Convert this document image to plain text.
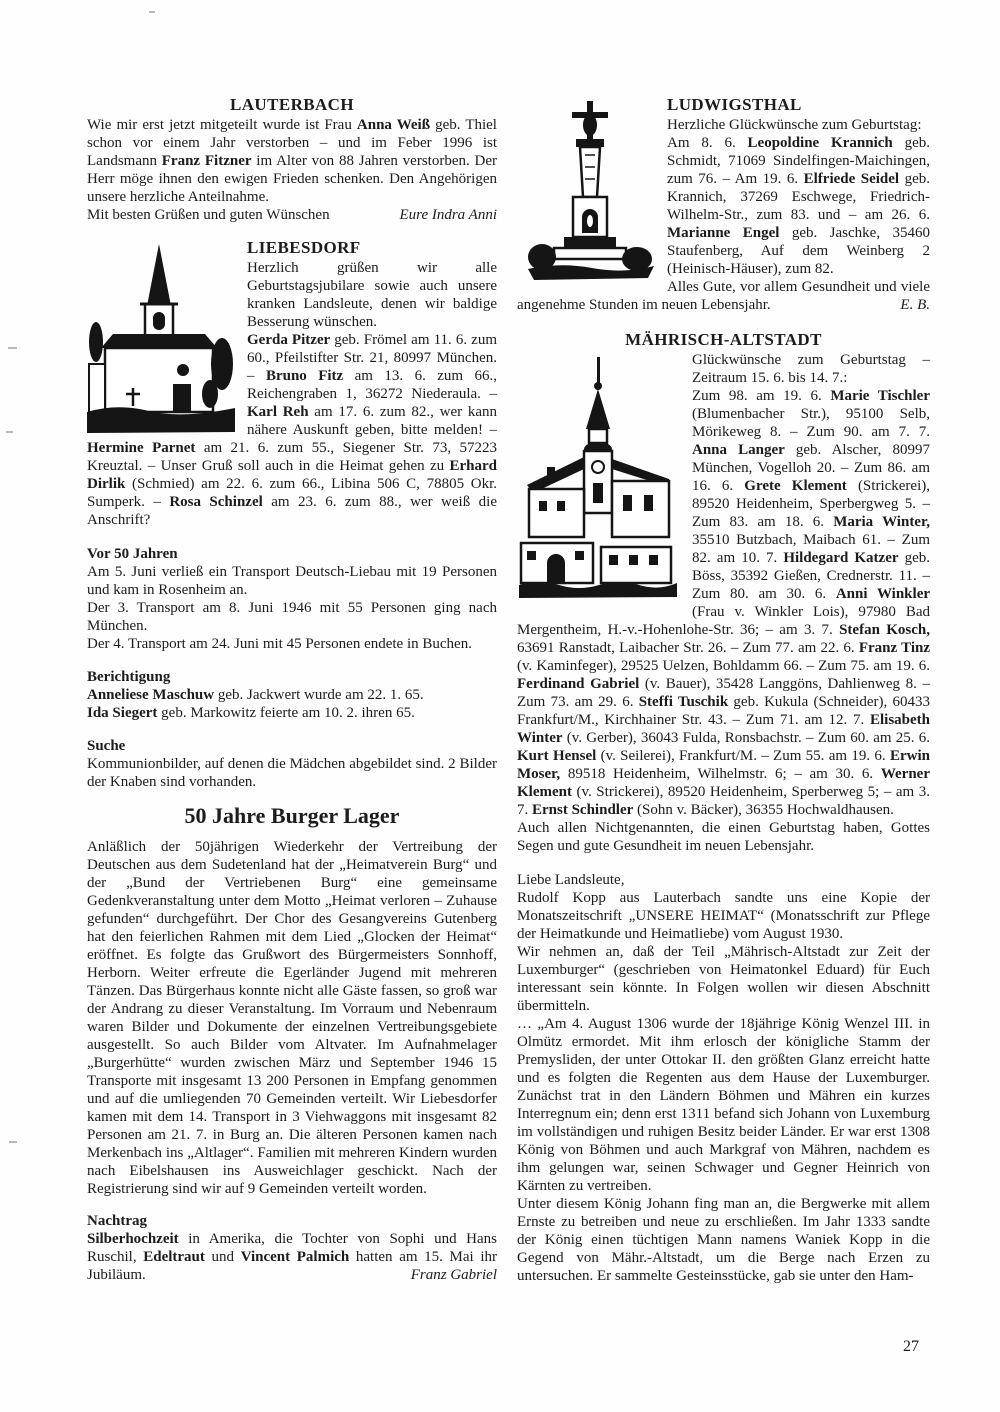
LAUTERBACH

Wie mir erst jetzt mitgeteilt wurde ist Frau Anna Weiß geb. Thiel schon vor einem Jahr verstorben – und im Feber 1996 ist Landsmann Franz Fitzner im Alter von 88 Jahren verstorben. Der Herr möge ihnen den ewigen Frieden schenken. Den Angehörigen unsere herzliche Anteilnahme.

Mit besten Grüßen und guten Wünschen	Eure Indra Anni
LIEBESDORF

Herzlich grüßen wir alle Geburtstagsjubilare sowie auch unsere kranken Landsleute, denen wir baldige Besserung wünschen.

Gerda Pitzer geb. Frömel am 11. 6. zum 60., Pfeilstifter Str. 21, 80997 München. – Bruno Fitz am 13. 6. zum 66., Reichengraben 1, 36272 Niederaula. – Karl Reh am 17. 6. zum 82., wer kann nähere Auskunft geben, bitte melden! – Hermine Parnet am 21. 6. zum 55., Siegener Str. 73, 57223 Kreuztal. – Unser Gruß soll auch in die Heimat gehen zu Erhard Dirlik (Schmied) am 22. 6. zum 66., Libina 506 C, 78805 Okr. Sumperk. – Rosa Schinzel am 23. 6. zum 88., wer weiß die Anschrift?

Vor 50 Jahren

Am 5. Juni verließ ein Transport Deutsch-Liebau mit 19 Personen und kam in Rosenheim an.

Der 3. Transport am 8. Juni 1946 mit 55 Personen ging nach München.

Der 4. Transport am 24. Juni mit 45 Personen endete in Buchen.

Berichtigung

Anneliese Maschuw geb. Jackwert wurde am 22. 1. 65.

Ida Siegert geb. Markowitz feierte am 10. 2. ihren 65.

Suche

Kommunionbilder, auf denen die Mädchen abgebildet sind. 2 Bilder der Knaben sind vorhanden.

50 Jahre Burger Lager

Anläßlich der 50jährigen Wiederkehr der Vertreibung der Deutschen aus dem Sudetenland hat der „Heimatverein Burg“ und der „Bund der Vertriebenen Burg“ eine gemeinsame Gedenkveranstaltung unter dem Motto „Heimat verloren – Zuhause gefunden“ durchgeführt. Der Chor des Gesangvereins Gutenberg hat den feierlichen Rahmen mit dem Lied „Glocken der Heimat“ eröffnet. Es folgte das Grußwort des Bürgermeisters Sonnhoff, Herborn. Weiter erfreute die Egerländer Jugend mit mehreren Tänzen. Das Bürgerhaus konnte nicht alle Gäste fassen, so groß war der Andrang zu dieser Veranstaltung. Im Vorraum und Nebenraum waren Bilder und Dokumente der einzelnen Vertreibungsgebiete ausgestellt. So auch Bilder vom Altvater. Im Aufnahmelager „Burgerhütte“ wurden zwischen März und September 1946 15 Transporte mit insgesamt 13 200 Personen in Empfang genommen und auf die umliegenden 70 Gemeinden verteilt. Wir Liebesdorfer kamen mit dem 14. Transport in 3 Viehwaggons mit insgesamt 82 Personen am 21. 7. in Burg an. Die älteren Personen kamen nach Merkenbach ins „Altlager“. Familien mit mehreren Kindern wurden nach Eibelshausen ins Ausweichlager geschickt. Nach der Registrierung sind wir auf 9 Gemeinden verteilt worden.

Nachtrag

Silberhochzeit in Amerika, die Tochter von Sophi und Hans Ruschil, Edeltraut und Vincent Palmich hatten am 15. Mai ihr Jubiläum.	Franz Gabriel
LUDWIGSTHAL

Herzliche Glückwünsche zum Geburtstag:

Am 8. 6. Leopoldine Krannich geb. Schmidt, 71069 Sindelfingen-Maichingen, zum 76. – Am 19. 6. Elfriede Seidel geb. Krannich, 37269 Eschwege, Friedrich-Wilhelm-Str., zum 83. und – am 26. 6. Marianne Engel geb. Jaschke, 35460 Staufenberg, Auf dem Weinberg 2 (Heinisch-Häuser), zum 82.

Alles Gute, vor allem Gesundheit und viele angenehme Stunden im neuen Lebensjahr.	E. B.
MÄHRISCH-ALTSTADT

Glückwünsche zum Geburtstag – Zeitraum 15. 6. bis 14. 7.:

Zum 98. am 19. 6. Marie Tischler (Blumenbacher Str.), 95100 Selb, Mörikeweg 8. – Zum 90. am 7. 7. Anna Langer geb. Alscher, 80997 München, Vogelloh 20. – Zum 86. am 16. 6. Grete Klement (Strickerei), 89520 Heidenheim, Sperbergweg 5. – Zum 83. am 18. 6. Maria Winter, 35510 Butzbach, Maibach 61. – Zum 82. am 10. 7. Hildegard Katzer geb. Böss, 35392 Gießen, Crednerstr. 11. – Zum 80. am 30. 6. Anni Winkler (Frau v. Winkler Lois), 97980 Bad Mergentheim, H.-v.-Hohenlohe-Str. 36; – am 3. 7. Stefan Kosch, 63691 Ranstadt, Laibacher Str. 26. – Zum 77. am 22. 6. Franz Tinz (v. Kaminfeger), 29525 Uelzen, Bohldamm 66. – Zum 75. am 19. 6. Ferdinand Gabriel (v. Bauer), 35428 Langgöns, Dahlienweg 8. – Zum 73. am 29. 6. Steffi Tuschik geb. Kukula (Schneider), 60433 Frankfurt/M., Kirchhainer Str. 43. – Zum 71. am 12. 7. Elisabeth Winter (v. Gerber), 36043 Fulda, Ronsbachstr. – Zum 60. am 25. 6. Kurt Hensel (v. Seilerei), Frankfurt/M. – Zum 55. am 19. 6. Erwin Moser, 89518 Heidenheim, Wilhelmstr. 6; – am 30. 6. Werner Klement (v. Strickerei), 89520 Heidenheim, Sperberweg 5; – am 3. 7. Ernst Schindler (Sohn v. Bäcker), 36355 Hochwaldhausen.

Auch allen Nichtgenannten, die einen Geburtstag haben, Gottes Segen und gute Gesundheit im neuen Lebensjahr.

Liebe Landsleute,

Rudolf Kopp aus Lauterbach sandte uns eine Kopie der Monatszeitschrift „UNSERE HEIMAT“ (Monatsschrift zur Pflege der Heimatkunde und Heimatliebe) vom August 1930.

Wir nehmen an, daß der Teil „Mährisch-Altstadt zur Zeit der Luxemburger“ (geschrieben von Heimatonkel Eduard) für Euch interessant sein könnte. In Folgen wollen wir diesen Abschnitt übermitteln.

… „Am 4. August 1306 wurde der 18jährige König Wenzel III. in Olmütz ermordet. Mit ihm erlosch der königliche Stamm der Premysliden, der unter Ottokar II. den größten Glanz erreicht hatte und es folgten die Regenten aus dem Hause der Luxemburger. Zunächst trat in den Ländern Böhmen und Mähren ein kurzes Interregnum ein; denn erst 1311 befand sich Johann von Luxemburg im vollständigen und ruhigen Besitz beider Länder. Er war erst 1308 König von Böhmen und auch Markgraf von Mähren, nachdem es ihm gelungen war, seinen Schwager und Gegner Heinrich von Kärnten zu vertreiben.

Unter diesem König Johann fing man an, die Bergwerke mit allem Ernste zu betreiben und neue zu erschließen. Im Jahr 1333 sandte der König einen tüchtigen Mann namens Waniek Kopp in die Gegend von Mähr.-Altstadt, um die Berge nach Erzen zu untersuchen. Er sammelte Gesteinsstücke, gab sie unter den Ham-

27
